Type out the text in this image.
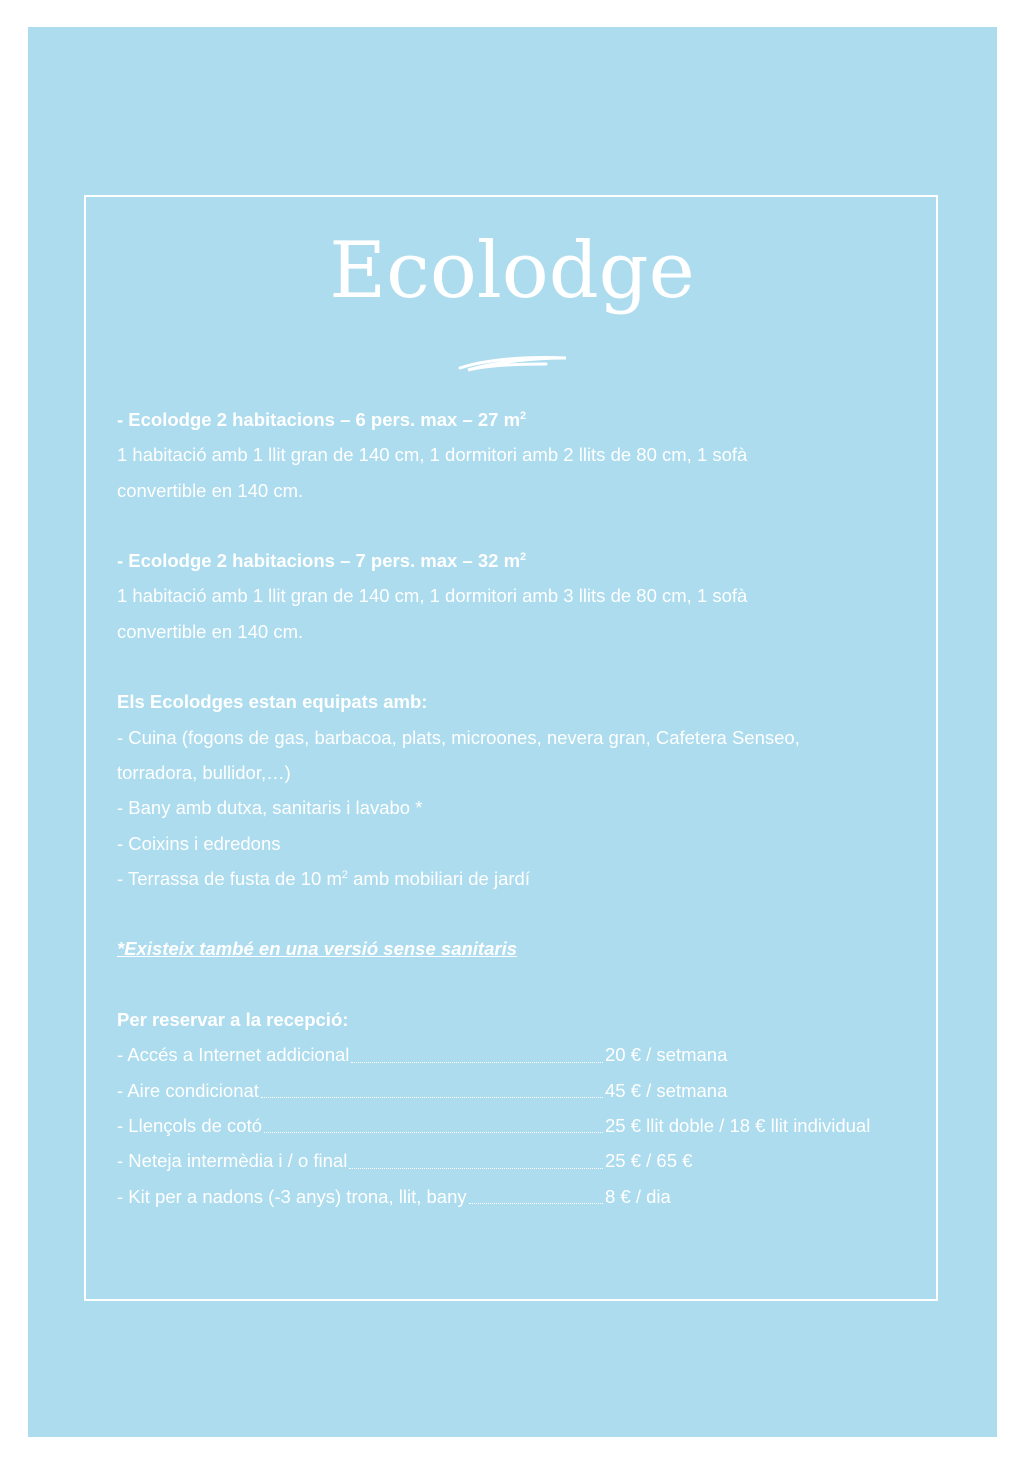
Ecolodge

- Ecolodge 2 habitacions – 6 pers. max – 27 $m^2$

1 habitació amb 1 llit gran de 140 cm, 1 dormitori amb 2 llits de 80 cm, 1 sofà

convertible en 140 cm.

- Ecolodge 2 habitacions – 7 pers. max – 32 $m^2$

1 habitació amb 1 llit gran de 140 cm, 1 dormitori amb 3 llits de 80 cm, 1 sofà

convertible en 140 cm.

Els Ecolodges estan equipats amb:

- Cuina (fogons de gas, barbacoa, plats, microones, nevera gran, Cafetera Senseo,

torradora, bullidor,…)

- Bany amb dutxa, sanitaris i lavabo *

- Coixins i edredons

- Terrassa de fusta de 10 $m^2$ amb mobiliari de jardí

*Existeix també en una versió sense sanitaris

Per reservar a la recepció:

- Accés a Internet addicional	20 € / setmana
- Aire condicionat	45 € / setmana
- Llençols de cotó	25 € llit doble / 18 € llit individual
- Neteja intermèdia i / o final	25 € / 65 €
- Kit per a nadons (-3 anys) trona, llit, bany	8 € / dia
